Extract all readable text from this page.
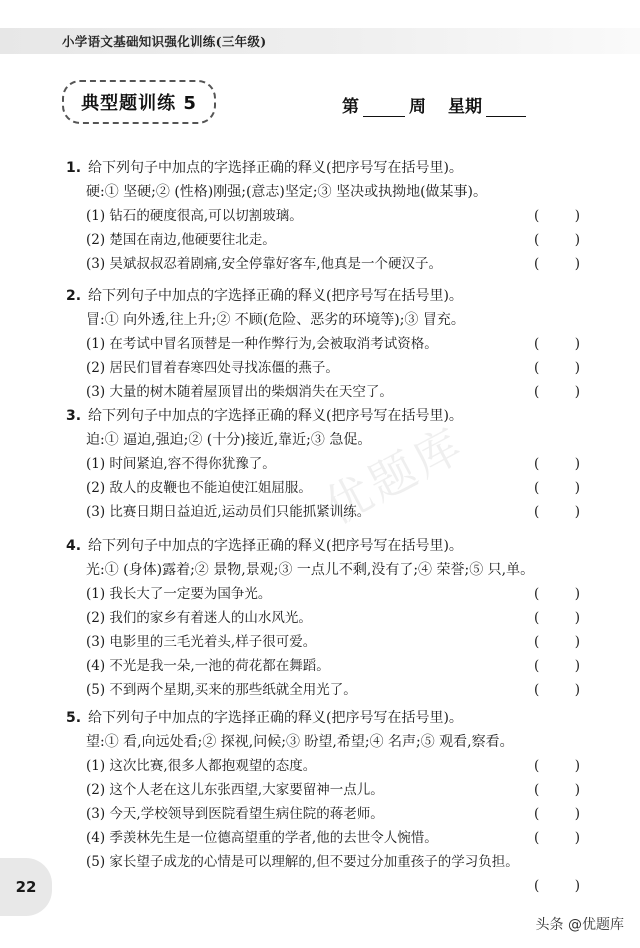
小学语文基础知识强化训练(三年级)
典型题训练 5	第	周 星期
优题库
1. 给下列句子中加点的字选择正确的释义(把序号写在括号里)。
硬:① 坚硬;② (性格)刚强;(意志)坚定;③ 坚决或执拗地(做某事)。
(1) 钻石的硬度很高,可以切割玻璃。	(	)
(2) 楚国在南边,他硬要往北走。	(	)
(3) 吴斌叔叔忍着剧痛,安全停靠好客车,他真是一个硬汉子。	(	)
2. 给下列句子中加点的字选择正确的释义(把序号写在括号里)。
冒:① 向外透,往上升;② 不顾(危险、恶劣的环境等);③ 冒充。
(1) 在考试中冒名顶替是一种作弊行为,会被取消考试资格。	(	)
(2) 居民们冒着春寒四处寻找冻僵的燕子。	(	)
(3) 大量的树木随着屋顶冒出的柴烟消失在天空了。	(	)
3. 给下列句子中加点的字选择正确的释义(把序号写在括号里)。
迫:① 逼迫,强迫;② (十分)接近,靠近;③ 急促。
(1) 时间紧迫,容不得你犹豫了。	(	)
(2) 敌人的皮鞭也不能迫使江姐屈服。	(	)
(3) 比赛日期日益迫近,运动员们只能抓紧训练。	(	)
4. 给下列句子中加点的字选择正确的释义(把序号写在括号里)。
光:① (身体)露着;② 景物,景观;③ 一点儿不剩,没有了;④ 荣誉;⑤ 只,单。
(1) 我长大了一定要为国争光。	(	)
(2) 我们的家乡有着迷人的山水风光。	(	)
(3) 电影里的三毛光着头,样子很可爱。	(	)
(4) 不光是我一朵,一池的荷花都在舞蹈。	(	)
(5) 不到两个星期,买来的那些纸就全用光了。	(	)
5. 给下列句子中加点的字选择正确的释义(把序号写在括号里)。
望:① 看,向远处看;② 探视,问候;③ 盼望,希望;④ 名声;⑤ 观看,察看。
(1) 这次比赛,很多人都抱观望的态度。	(	)
(2) 这个人老在这儿东张西望,大家要留神一点儿。	(	)
(3) 今天,学校领导到医院看望生病住院的蒋老师。	(	)
(4) 季羡林先生是一位德高望重的学者,他的去世令人惋惜。	(	)
(5) 家长望子成龙的心情是可以理解的,但不要过分加重孩子的学习负担。
(	)
22
头条 @优题库
